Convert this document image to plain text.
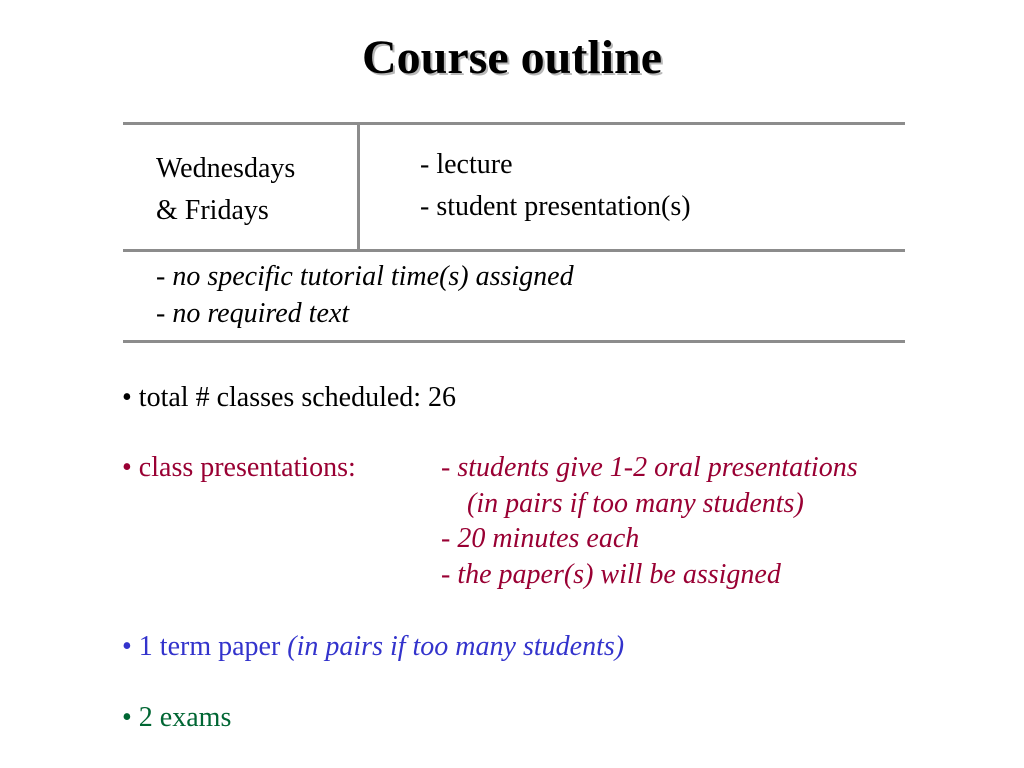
Course outline
Wednesdays
& Fridays
- lecture
- student presentation(s)
- no specific tutorial time(s) assigned
- no required text
• total # classes scheduled: 26
• class presentations:	- students give 1-2 oral presentations
(in pairs if too many students)
- 20 minutes each
- the paper(s) will be assigned
• 1 term paper (in pairs if too many students)
• 2 exams
